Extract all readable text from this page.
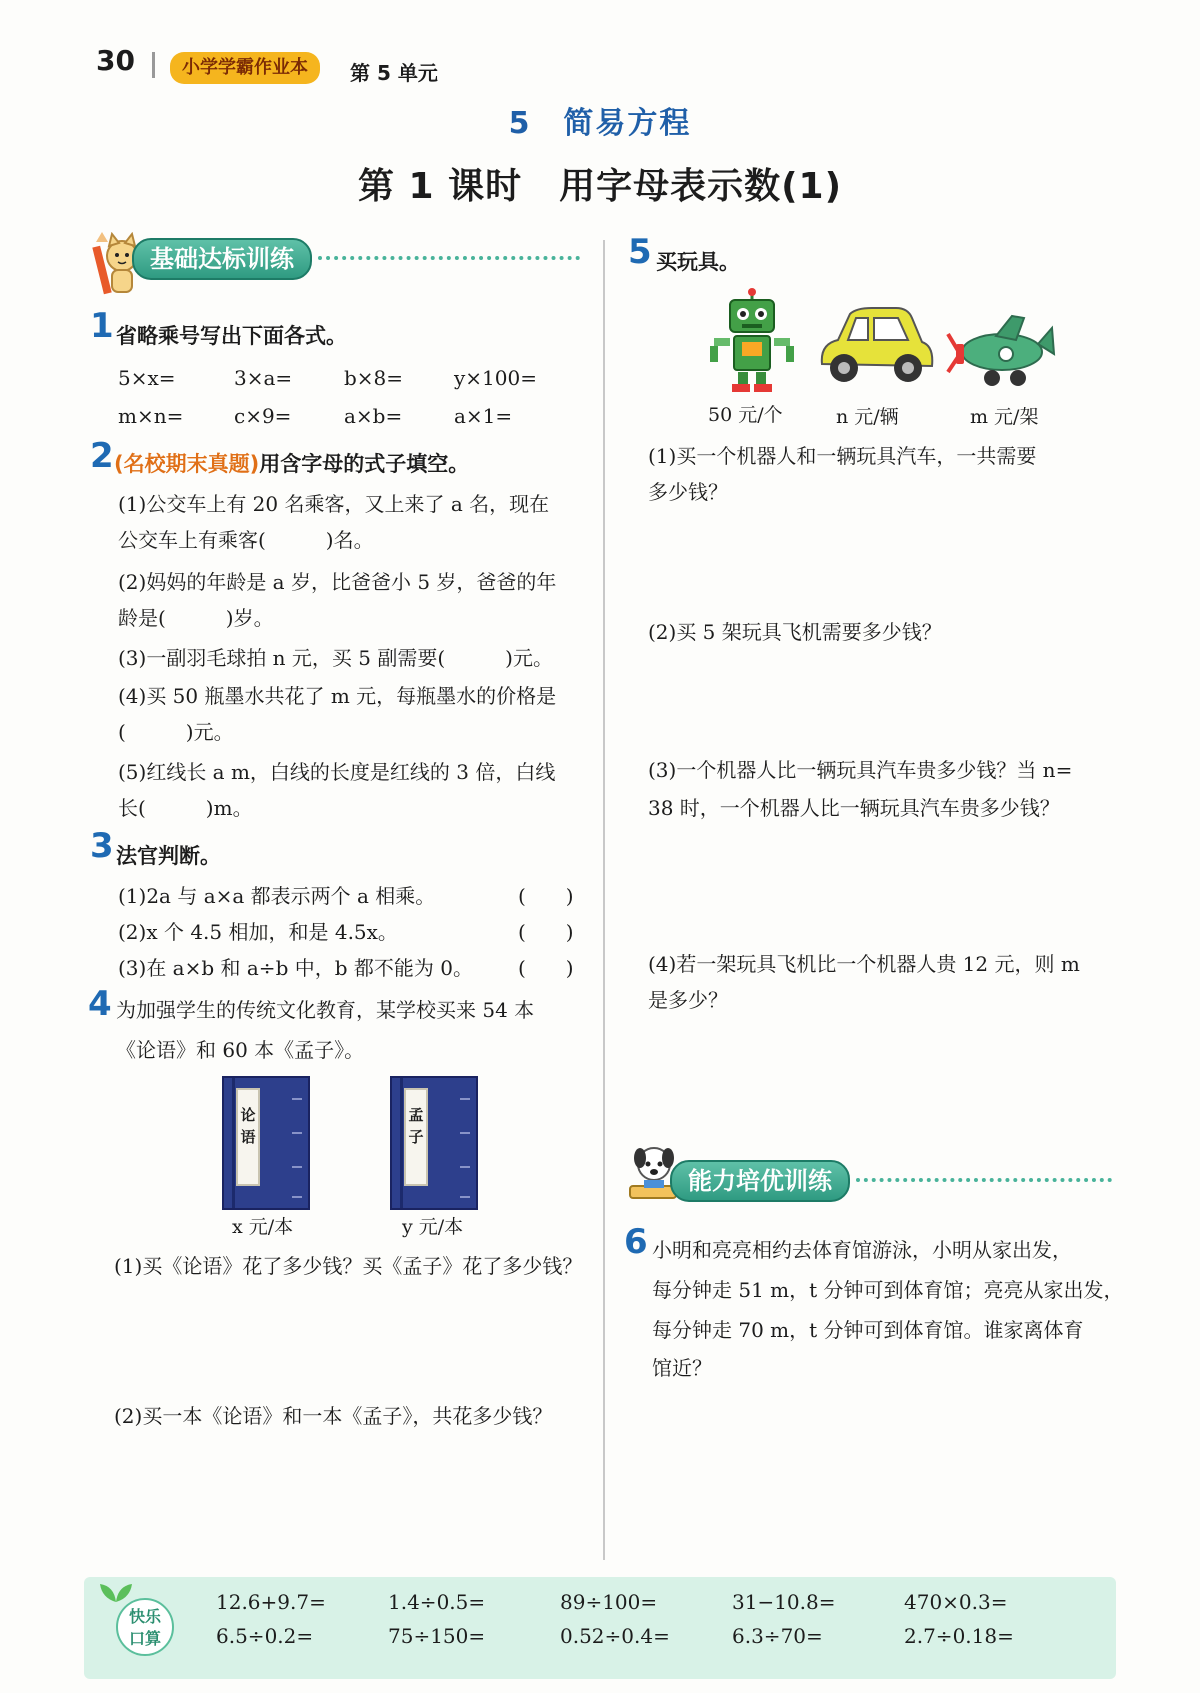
30	小学学霸作业本	第 5 单元
5　简易方程
第 1 课时　用字母表示数(1)
基础达标训练
1 省略乘号写出下面各式。
5×x=	3×a=	b×8=	y×100=
m×n=	c×9=	a×b=	a×1=
2 (名校期末真题)用含字母的式子填空。
(1)公交车上有 20 名乘客，又上来了 a 名，现在
公交车上有乘客(　　　)名。
(2)妈妈的年龄是 a 岁，比爸爸小 5 岁，爸爸的年
龄是(　　　)岁。
(3)一副羽毛球拍 n 元，买 5 副需要(　　　)元。
(4)买 50 瓶墨水共花了 m 元，每瓶墨水的价格是
(　　　)元。
(5)红线长 a m，白线的长度是红线的 3 倍，白线
长(　　　)m。
3 法官判断。
(1)2a 与 a×a 都表示两个 a 相乘。	(　　)
(2)x 个 4.5 相加，和是 4.5x。	(　　)
(3)在 a×b 和 a÷b 中，b 都不能为 0。 (　　)
4 为加强学生的传统文化教育，某学校买来 54 本
《论语》和 60 本《孟子》。
论
语
孟
子
x 元/本	y 元/本
(1)买《论语》花了多少钱？买《孟子》花了多少钱？
(2)买一本《论语》和一本《孟子》，共花多少钱？
5 买玩具。
50 元/个	n 元/辆	m 元/架
(1)买一个机器人和一辆玩具汽车，一共需要
多少钱？
(2)买 5 架玩具飞机需要多少钱？
(3)一个机器人比一辆玩具汽车贵多少钱？当 n=
38 时，一个机器人比一辆玩具汽车贵多少钱？
(4)若一架玩具飞机比一个机器人贵 12 元，则 m
是多少？
能力培优训练
6 小明和亮亮相约去体育馆游泳，小明从家出发，
每分钟走 51 m，t 分钟可到体育馆；亮亮从家出发，
每分钟走 70 m，t 分钟可到体育馆。谁家离体育
馆近？
快乐
口算
12.6+9.7=	1.4÷0.5=	89÷100=	31−10.8=	470×0.3=
6.5÷0.2=	75÷150=	0.52÷0.4=	6.3÷70=	2.7÷0.18=
